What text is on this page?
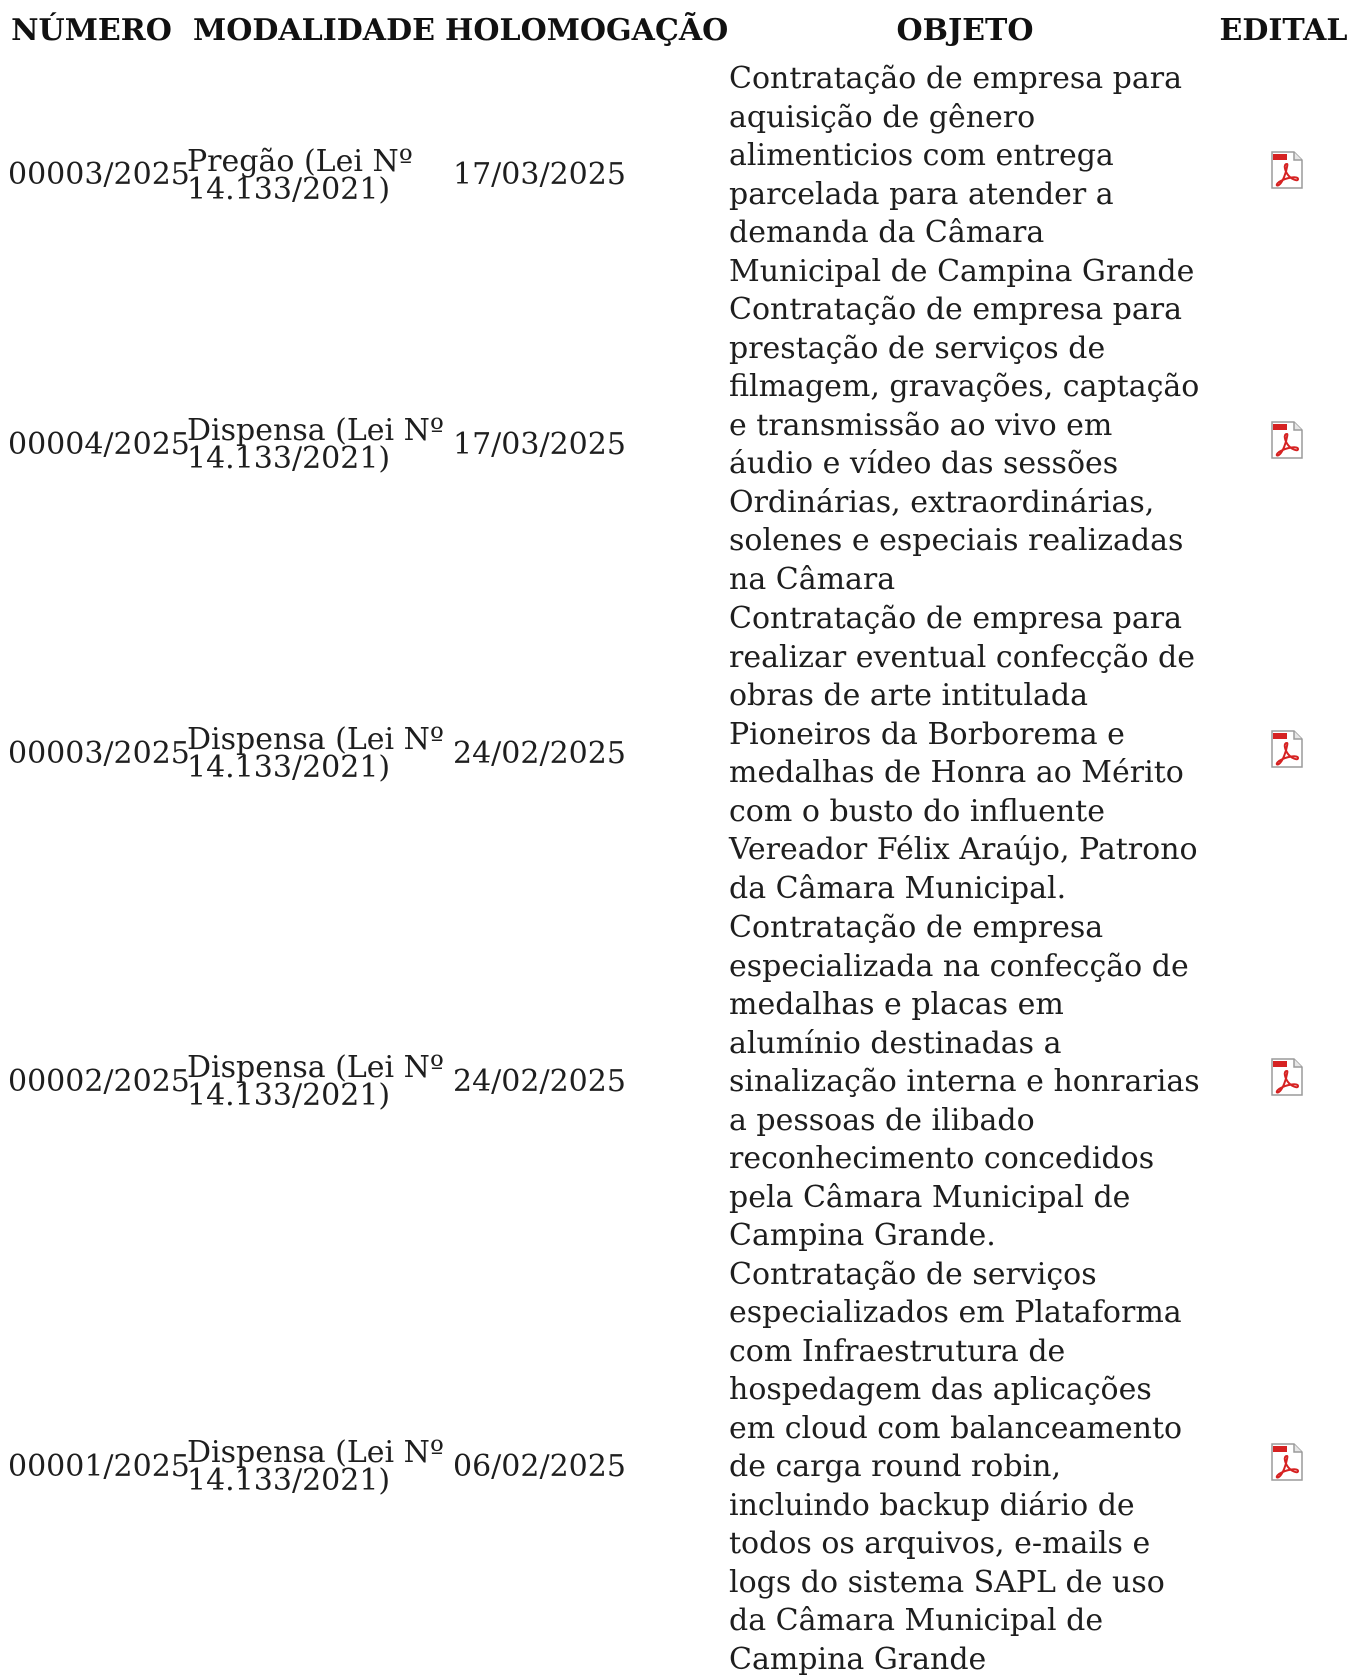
NÚMERO	MODALIDADE	HOLOMOGAÇÃO	OBJETO	EDITAL
00003/2025	Pregão (Lei Nº
14.133/2021)	17/03/2025	Contratação de empresa para aquisição de gênero alimenticios com entrega parcelada para atender a demanda da Câmara Municipal de Campina Grande	

00004/2025	Dispensa (Lei Nº
14.133/2021)	17/03/2025	Contratação de empresa para prestação de serviços de filmagem, gravações, captação e transmissão ao vivo em áudio e vídeo das sessões Ordinárias, extraordinárias, solenes e especiais realizadas na Câmara	

00003/2025	Dispensa (Lei Nº
14.133/2021)	24/02/2025	Contratação de empresa para realizar eventual confecção de obras de arte intitulada Pioneiros da Borborema e medalhas de Honra ao Mérito com o busto do influente Vereador Félix Araújo, Patrono da Câmara Municipal.	

00002/2025	Dispensa (Lei Nº
14.133/2021)	24/02/2025	Contratação de empresa especializada na confecção de medalhas e placas em alumínio destinadas a sinalização interna e honrarias a pessoas de ilibado reconhecimento concedidos pela Câmara Municipal de Campina Grande.	

00001/2025	Dispensa (Lei Nº
14.133/2021)	06/02/2025	Contratação de serviços especializados em Plataforma com Infraestrutura de hospedagem das aplicações em cloud com balanceamento de carga round robin, incluindo backup diário de todos os arquivos, e-mails e logs do sistema SAPL de uso da Câmara Municipal de Campina Grande	
